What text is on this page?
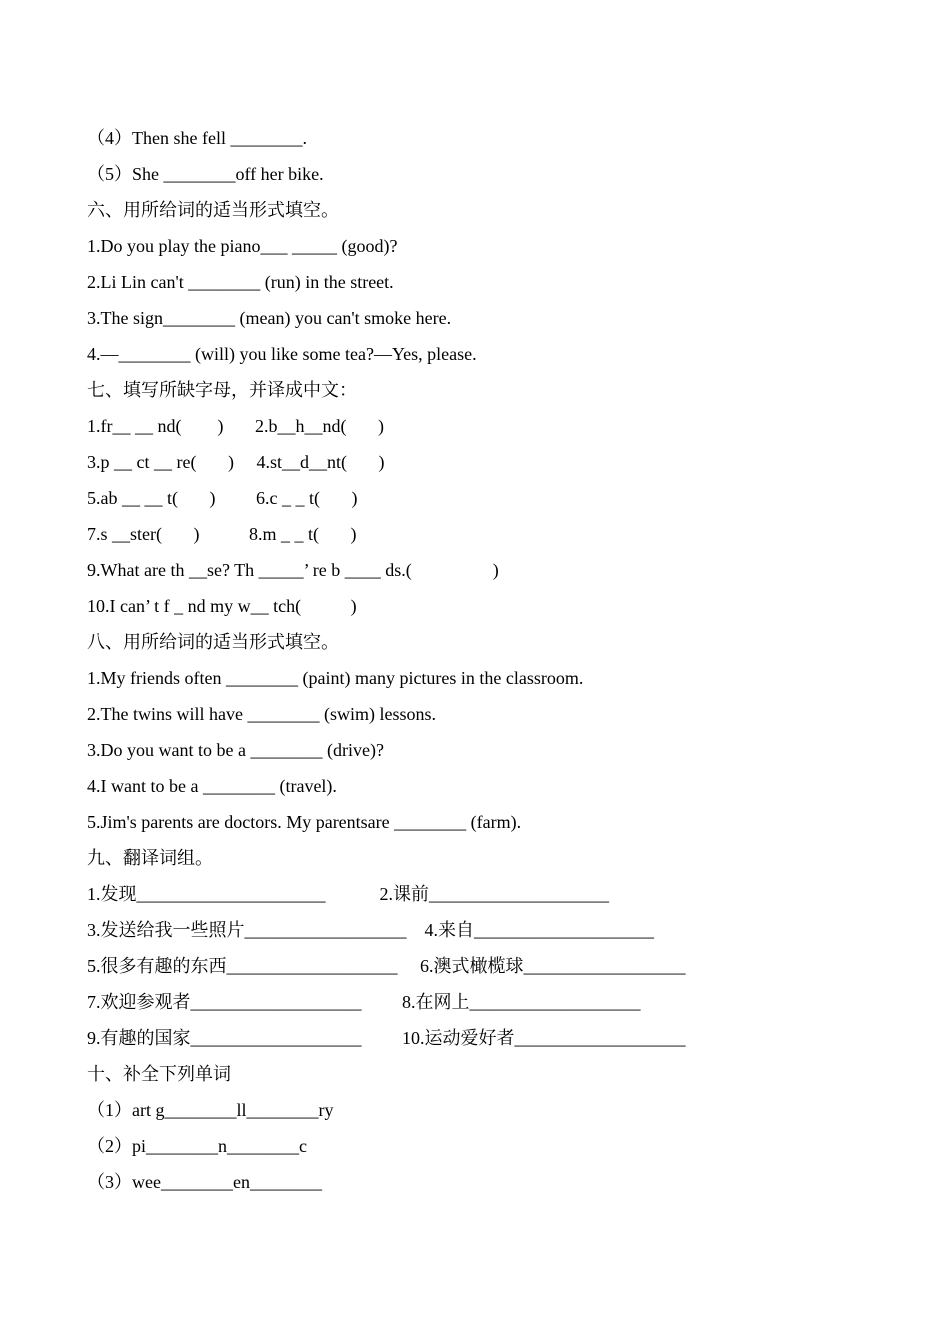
（4）Then she fell ________.
（5）She ________off her bike.
六、用所给词的适当形式填空。
1.Do you play the piano___ _____ (good)?
2.Li Lin can't ________ (run) in the street.
3.The sign________ (mean) you can't smoke here.
4.—________ (will) you like some tea?—Yes, please.
七、填写所缺字母，并译成中文：
1.fr__ __ nd(        )       2.b__h__nd(       )
3.p __ ct __ re(       )     4.st__d__nt(       )
5.ab __ __ t(       )         6.c _ _ t(       )
7.s __ster(       )           8.m _ _ t(       )
9.What are th __se? Th _____’ re b ____ ds.(                  )
10.I can’ t f _ nd my w__ tch(           )
八、用所给词的适当形式填空。
1.My friends often ________ (paint) many pictures in the classroom.
2.The twins will have ________ (swim) lessons.
3.Do you want to be a ________ (drive)?
4.I want to be a ________ (travel).
5.Jim's parents are doctors. My parentsare ________ (farm).
九、翻译词组。
1.发现_____________________            2.课前____________________
3.发送给我一些照片__________________    4.来自____________________
5.很多有趣的东西___________________     6.澳式橄榄球__________________
7.欢迎参观者___________________         8.在网上___________________
9.有趣的国家___________________         10.运动爱好者___________________
十、补全下列单词
（1）art g________ll________ry
（2）pi________n________c
（3）wee________en________
